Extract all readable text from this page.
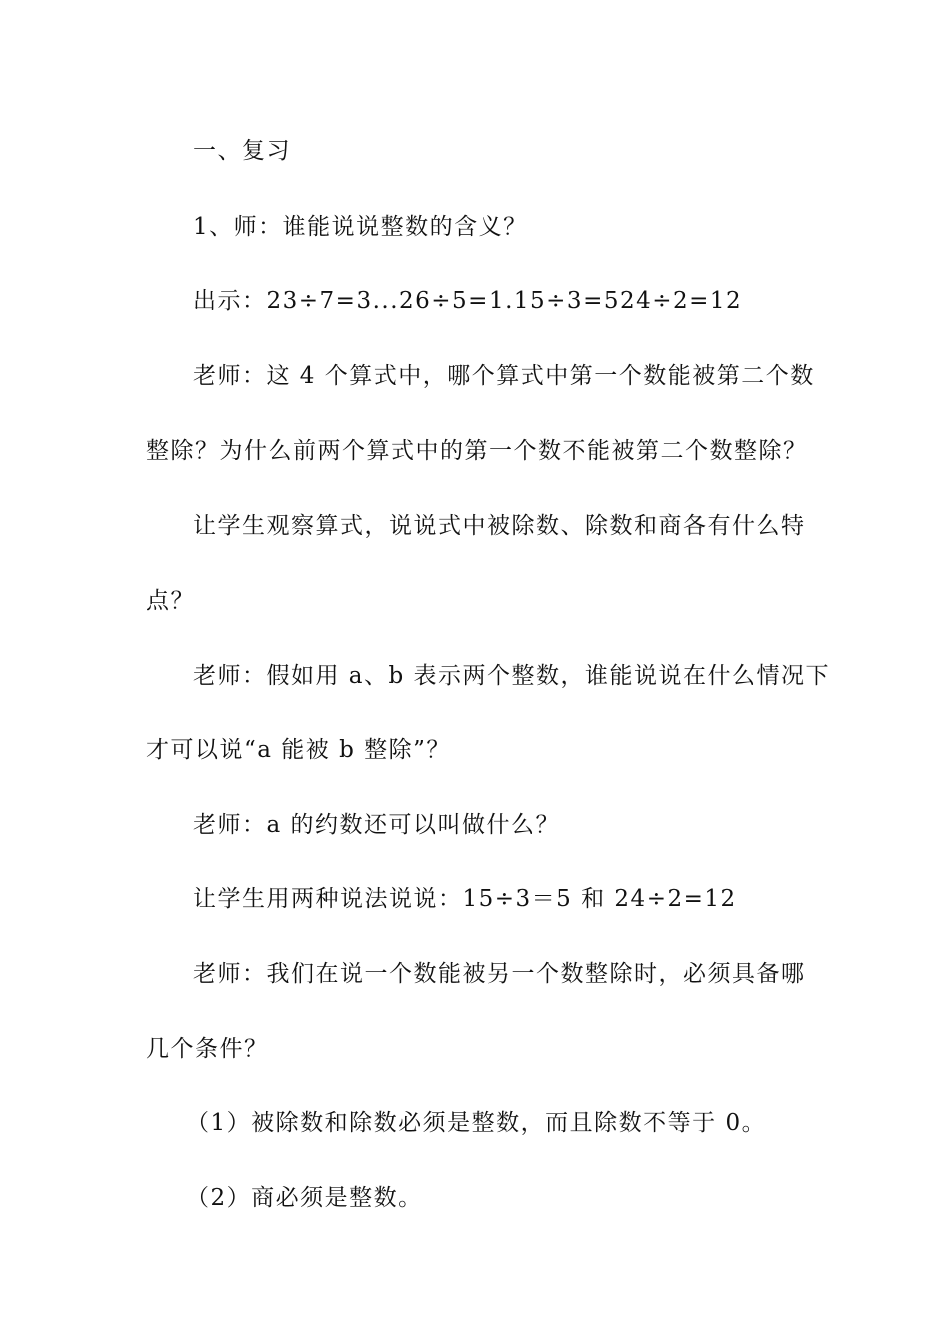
一、复习
1、师：谁能说说整数的含义？
出示：23÷7=3...26÷5=1.15÷3=524÷2=12
老师：这 4 个算式中，哪个算式中第一个数能被第二个数
整除？为什么前两个算式中的第一个数不能被第二个数整除？
让学生观察算式，说说式中被除数、除数和商各有什么特
点？
老师：假如用 a、b 表示两个整数，谁能说说在什么情况下
才可以说“a 能被 b 整除”？
老师：a 的约数还可以叫做什么？
让学生用两种说法说说：15÷3＝5 和 24÷2=12
老师：我们在说一个数能被另一个数整除时，必须具备哪
几个条件？
（1）被除数和除数必须是整数，而且除数不等于 0。
（2）商必须是整数。
